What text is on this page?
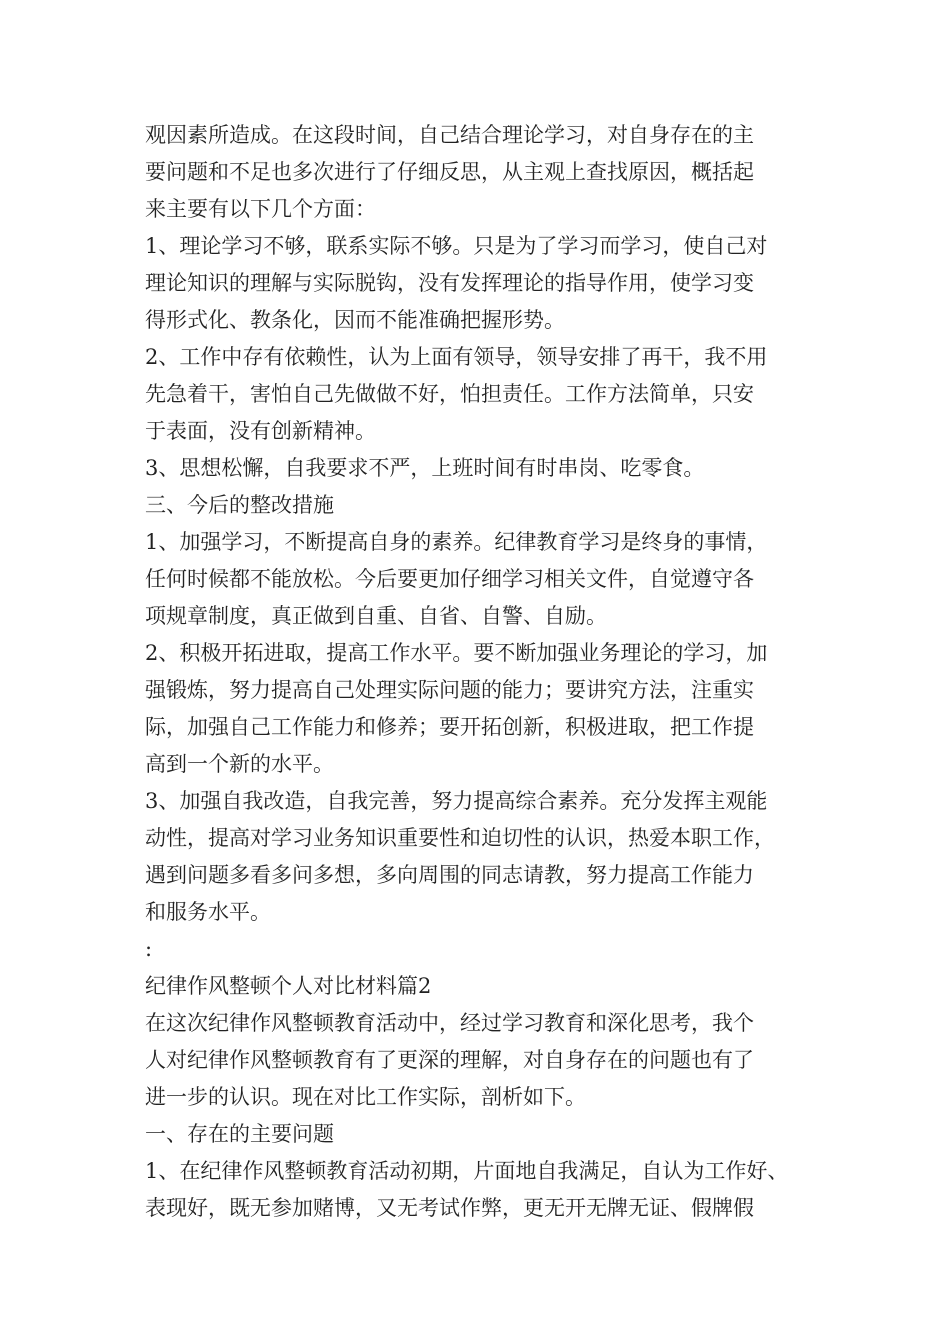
观因素所造成。在这段时间，自己结合理论学习，对自身存在的主
要问题和不足也多次进行了仔细反思，从主观上查找原因，概括起
来主要有以下几个方面：
1、理论学习不够，联系实际不够。只是为了学习而学习，使自己对
理论知识的理解与实际脱钩，没有发挥理论的指导作用，使学习变
得形式化、教条化，因而不能准确把握形势。
2、工作中存有依赖性，认为上面有领导，领导安排了再干，我不用
先急着干，害怕自己先做做不好，怕担责任。工作方法简单，只安
于表面，没有创新精神。
3、思想松懈，自我要求不严，上班时间有时串岗、吃零食。
三、今后的整改措施
1、加强学习，不断提高自身的素养。纪律教育学习是终身的事情，
任何时候都不能放松。今后要更加仔细学习相关文件，自觉遵守各
项规章制度，真正做到自重、自省、自警、自励。
2、积极开拓进取，提高工作水平。要不断加强业务理论的学习，加
强锻炼，努力提高自己处理实际问题的能力；要讲究方法，注重实
际，加强自己工作能力和修养；要开拓创新，积极进取，把工作提
高到一个新的水平。
3、加强自我改造，自我完善，努力提高综合素养。充分发挥主观能
动性，提高对学习业务知识重要性和迫切性的认识，热爱本职工作，
遇到问题多看多问多想，多向周围的同志请教，努力提高工作能力
和服务水平。
:
纪律作风整顿个人对比材料篇2
在这次纪律作风整顿教育活动中，经过学习教育和深化思考，我个
人对纪律作风整顿教育有了更深的理解，对自身存在的问题也有了
进一步的认识。现在对比工作实际，剖析如下。
一、存在的主要问题
1、在纪律作风整顿教育活动初期，片面地自我满足，自认为工作好、
表现好，既无参加赌博，又无考试作弊，更无开无牌无证、假牌假
